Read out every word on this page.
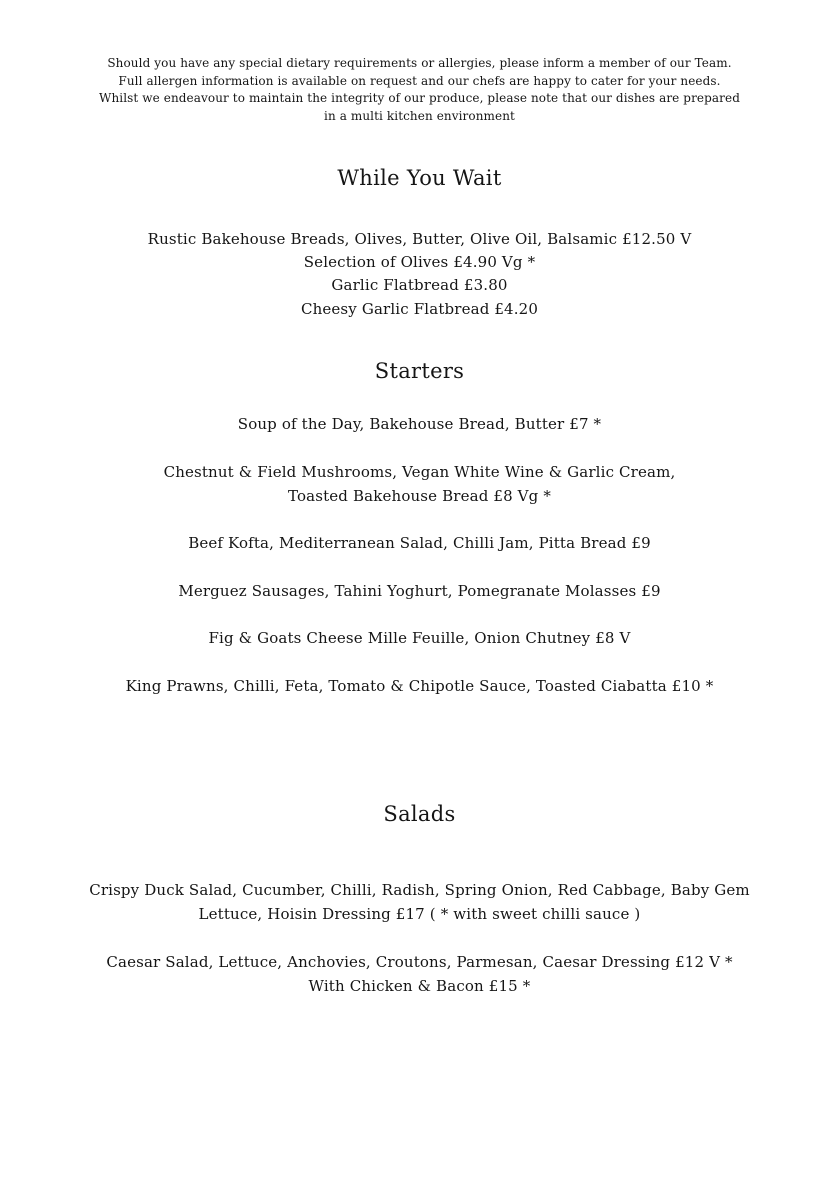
Should you have any special dietary requirements or allergies, please inform a member of our Team.
Full allergen information is available on request and our chefs are happy to cater for your needs.
Whilst we endeavour to maintain the integrity of our produce, please note that our dishes are prepared
in a multi kitchen environment
While You Wait
Rustic Bakehouse Breads, Olives, Butter, Olive Oil, Balsamic £12.50 V
Selection of Olives £4.90 Vg *
Garlic Flatbread £3.80
Cheesy Garlic Flatbread £4.20
Starters
Soup of the Day, Bakehouse Bread, Butter £7 *
Chestnut & Field Mushrooms, Vegan White Wine & Garlic Cream,
Toasted Bakehouse Bread £8 Vg *
Beef Kofta, Mediterranean Salad, Chilli Jam, Pitta Bread £9
Merguez Sausages, Tahini Yoghurt, Pomegranate Molasses £9
Fig & Goats Cheese Mille Feuille, Onion Chutney £8 V
King Prawns, Chilli, Feta, Tomato & Chipotle Sauce, Toasted Ciabatta £10 *
Salads
Crispy Duck Salad, Cucumber, Chilli, Radish, Spring Onion, Red Cabbage, Baby Gem
Lettuce, Hoisin Dressing £17 ( * with sweet chilli sauce )
Caesar Salad, Lettuce, Anchovies, Croutons, Parmesan, Caesar Dressing £12 V *
With Chicken & Bacon £15 *
